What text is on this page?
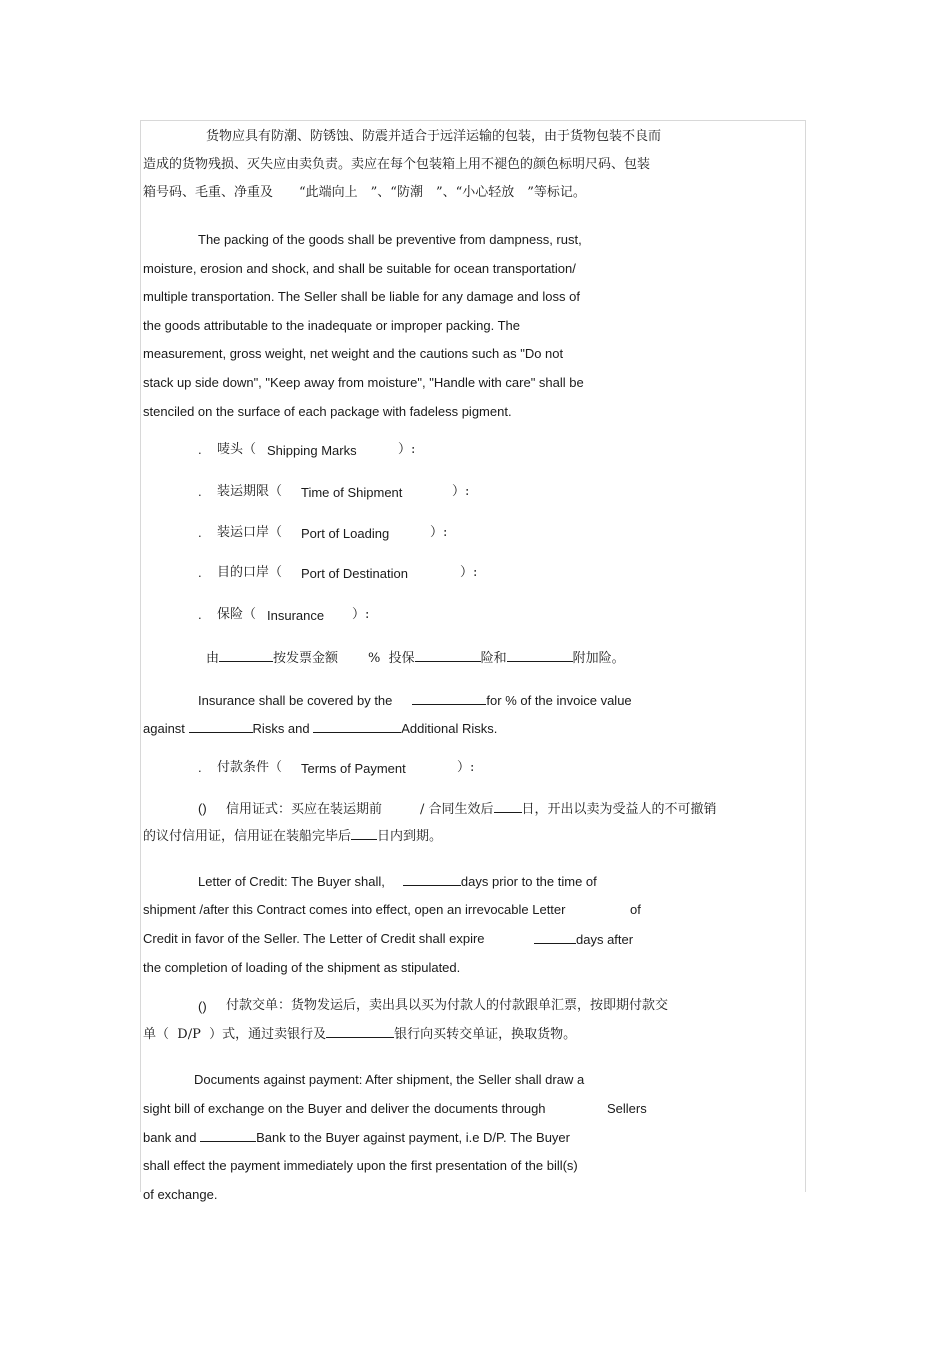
货物应具有防潮、防锈蚀、防震并适合于远洋运输的包装，由于货物包装不良而
造成的货物残损、灭失应由卖负责。卖应在每个包装箱上用不褪色的颜色标明尺码、包装
箱号码、毛重、净重及　　“此端向上　”、“防潮　”、“小心轻放　”等标记。
The packing of the goods shall be preventive from dampness, rust,
moisture, erosion and shock, and shall be suitable for ocean transportation/
multiple transportation. The Seller shall be liable for any damage and loss of
the goods attributable to the inadequate or improper packing. The
measurement, gross weight, net weight and the cautions such as "Do not
stack up side down", "Keep away from moisture", "Handle with care" shall be
stenciled on the surface of each package with fadeless pigment.
. 唛头（ Shipping Marks	）:
. 装运期限（ Time of Shipment	）:
. 装运口岸（ Port of Loading	）:
. 目的口岸（ Port of Destination	）:
. 保险（ Insurance ）:
由	按发票金额 %  投保	险和	附加险。
Insurance shall be covered by the	for % of the invoice value
against	Risks and	Additional Risks.
. 付款条件（ Terms of Payment	）:
() 信用证式：买应在装运期前	/ 合同生效后 日，开出以卖为受益人的不可撤销
的议付信用证，信用证在装船完毕后 日内到期。
Letter of Credit: The Buyer shall,	days prior to the time of
shipment /after this Contract comes into effect, open an irrevocable Letter	of
Credit in favor of the Seller. The Letter of Credit shall expire	days after
the completion of loading of the shipment as stipulated.
() 付款交单：货物发运后，卖出具以买为付款人的付款跟单汇票，按即期付款交
单（  D/P  ）式，通过卖银行及	银行向买转交单证，换取货物。
Documents against payment: After shipment, the Seller shall draw a
sight bill of exchange on the Buyer and deliver the documents through	Sellers
bank and	Bank to the Buyer against payment, i.e D/P. The Buyer
shall effect the payment immediately upon the first presentation of the bill(s)
of exchange.
